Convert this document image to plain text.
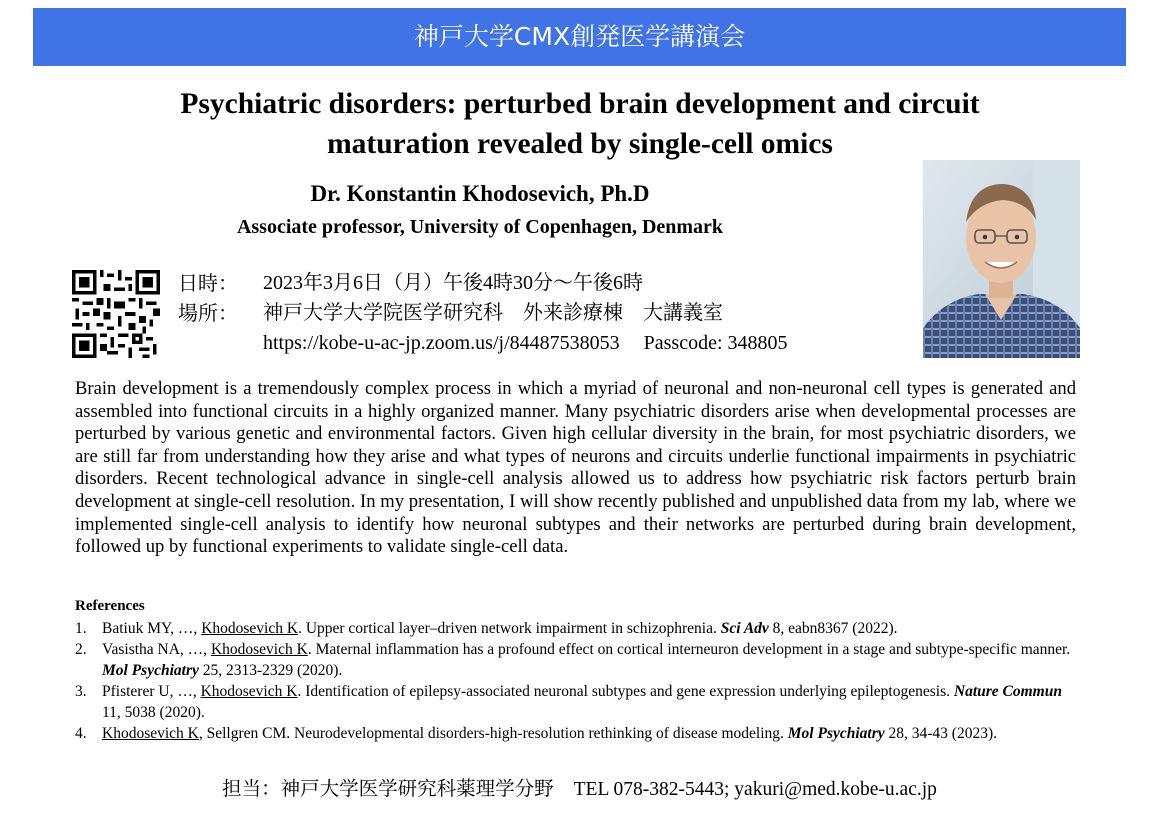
神戸大学CMX創発医学講演会
Psychiatric disorders: perturbed brain development and circuit
maturation revealed by single-cell omics
Dr. Konstantin Khodosevich, Ph.D
Associate professor, University of Copenhagen, Denmark
日時： 2023年3月6日（月）午後4時30分～午後6時
場所： 神戸大学大学院医学研究科　外来診療棟　大講義室
https://kobe-u-ac-jp.zoom.us/j/84487538053 Passcode: 348805
Brain development is a tremendously complex process in which a myriad of neuronal and non-neuronal cell types is generated and assembled into functional circuits in a highly organized manner. Many psychiatric disorders arise when developmental processes are perturbed by various genetic and environmental factors. Given high cellular diversity in the brain, for most psychiatric disorders, we are still far from understanding how they arise and what types of neurons and circuits underlie functional impairments in psychiatric disorders. Recent technological advance in single-cell analysis allowed us to address how psychiatric risk factors perturb brain development at single-cell resolution. In my presentation, I will show recently published and unpublished data from my lab, where we implemented single-cell analysis to identify how neuronal subtypes and their networks are perturbed during brain development, followed up by functional experiments to validate single-cell data.
References
1. Batiuk MY, …, Khodosevich K. Upper cortical layer–driven network impairment in schizophrenia. Sci Adv 8, eabn8367 (2022).
2. Vasistha NA, …, Khodosevich K. Maternal inflammation has a profound effect on cortical interneuron development in a stage and subtype-specific manner. Mol Psychiatry 25, 2313-2329 (2020).
3. Pfisterer U, …, Khodosevich K. Identification of epilepsy-associated neuronal subtypes and gene expression underlying epileptogenesis. Nature Commun 11, 5038 (2020).
4. Khodosevich K, Sellgren CM. Neurodevelopmental disorders-high-resolution rethinking of disease modeling. Mol Psychiatry 28, 34-43 (2023).
担当：神戸大学医学研究科薬理学分野 TEL 078-382-5443; yakuri@med.kobe-u.ac.jp
